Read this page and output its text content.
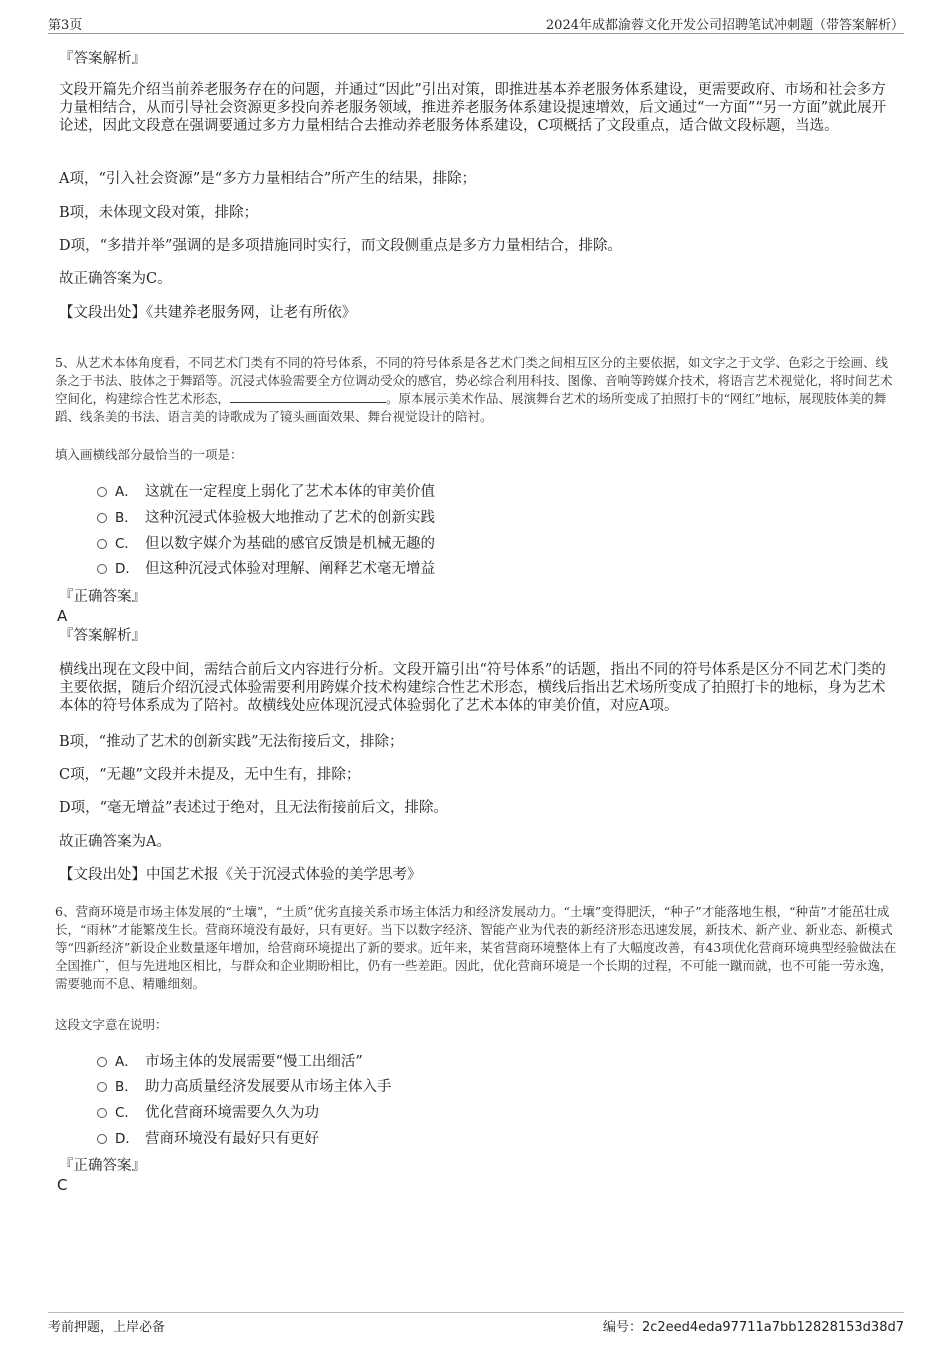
第3页	2024年成都渝蓉文化开发公司招聘笔试冲刺题（带答案解析）
『答案解析』
文段开篇先介绍当前养老服务存在的问题，并通过“因此”引出对策，即推进基本养老服务体系建设，更需要政府、市场和社会多方力量相结合，从而引导社会资源更多投向养老服务领域，推进养老服务体系建设提速增效，后文通过“一方面”“另一方面”就此展开论述，因此文段意在强调要通过多方力量相结合去推动养老服务体系建设，C项概括了文段重点，适合做文段标题，当选。
A项，“引入社会资源”是“多方力量相结合”所产生的结果，排除；
B项，未体现文段对策，排除；
D项，“多措并举”强调的是多项措施同时实行，而文段侧重点是多方力量相结合，排除。
故正确答案为C。
【文段出处】《共建养老服务网，让老有所依》
5、从艺术本体角度看，不同艺术门类有不同的符号体系，不同的符号体系是各艺术门类之间相互区分的主要依据，如文字之于文学、色彩之于绘画、线条之于书法、肢体之于舞蹈等。沉浸式体验需要全方位调动受众的感官，势必综合利用科技、图像、音响等跨媒介技术，将语言艺术视觉化，将时间艺术空间化，构建综合性艺术形态，	。原本展示美术作品、展演舞台艺术的场所变成了拍照打卡的“网红”地标，展现肢体美的舞蹈、线条美的书法、语言美的诗歌成为了镜头画面效果、舞台视觉设计的陪衬。
填入画横线部分最恰当的一项是：
A． 这就在一定程度上弱化了艺术本体的审美价值
B． 这种沉浸式体验极大地推动了艺术的创新实践
C． 但以数字媒介为基础的感官反馈是机械无趣的
D． 但这种沉浸式体验对理解、阐释艺术毫无增益
『正确答案』
A
『答案解析』
横线出现在文段中间，需结合前后文内容进行分析。文段开篇引出“符号体系”的话题，指出不同的符号体系是区分不同艺术门类的主要依据，随后介绍沉浸式体验需要利用跨媒介技术构建综合性艺术形态，横线后指出艺术场所变成了拍照打卡的地标，身为艺术本体的符号体系成为了陪衬。故横线处应体现沉浸式体验弱化了艺术本体的审美价值，对应A项。
B项，“推动了艺术的创新实践”无法衔接后文，排除；
C项，“无趣”文段并未提及，无中生有，排除；
D项，“毫无增益”表述过于绝对，且无法衔接前后文，排除。
故正确答案为A。
【文段出处】中国艺术报《关于沉浸式体验的美学思考》
6、营商环境是市场主体发展的“土壤”，“土质”优劣直接关系市场主体活力和经济发展动力。“土壤”变得肥沃，“种子”才能落地生根，“种苗”才能茁壮成长，“雨林”才能繁茂生长。营商环境没有最好，只有更好。当下以数字经济、智能产业为代表的新经济形态迅速发展，新技术、新产业、新业态、新模式等“四新经济”新设企业数量逐年增加，给营商环境提出了新的要求。近年来，某省营商环境整体上有了大幅度改善，有43项优化营商环境典型经验做法在全国推广，但与先进地区相比，与群众和企业期盼相比，仍有一些差距。因此，优化营商环境是一个长期的过程，不可能一蹴而就，也不可能一劳永逸，需要驰而不息、精雕细刻。
这段文字意在说明：
A． 市场主体的发展需要“慢工出细活”
B． 助力高质量经济发展要从市场主体入手
C． 优化营商环境需要久久为功
D． 营商环境没有最好只有更好
『正确答案』
C
考前押题，上岸必备	编号：2c2eed4eda97711a7bb12828153d38d7
